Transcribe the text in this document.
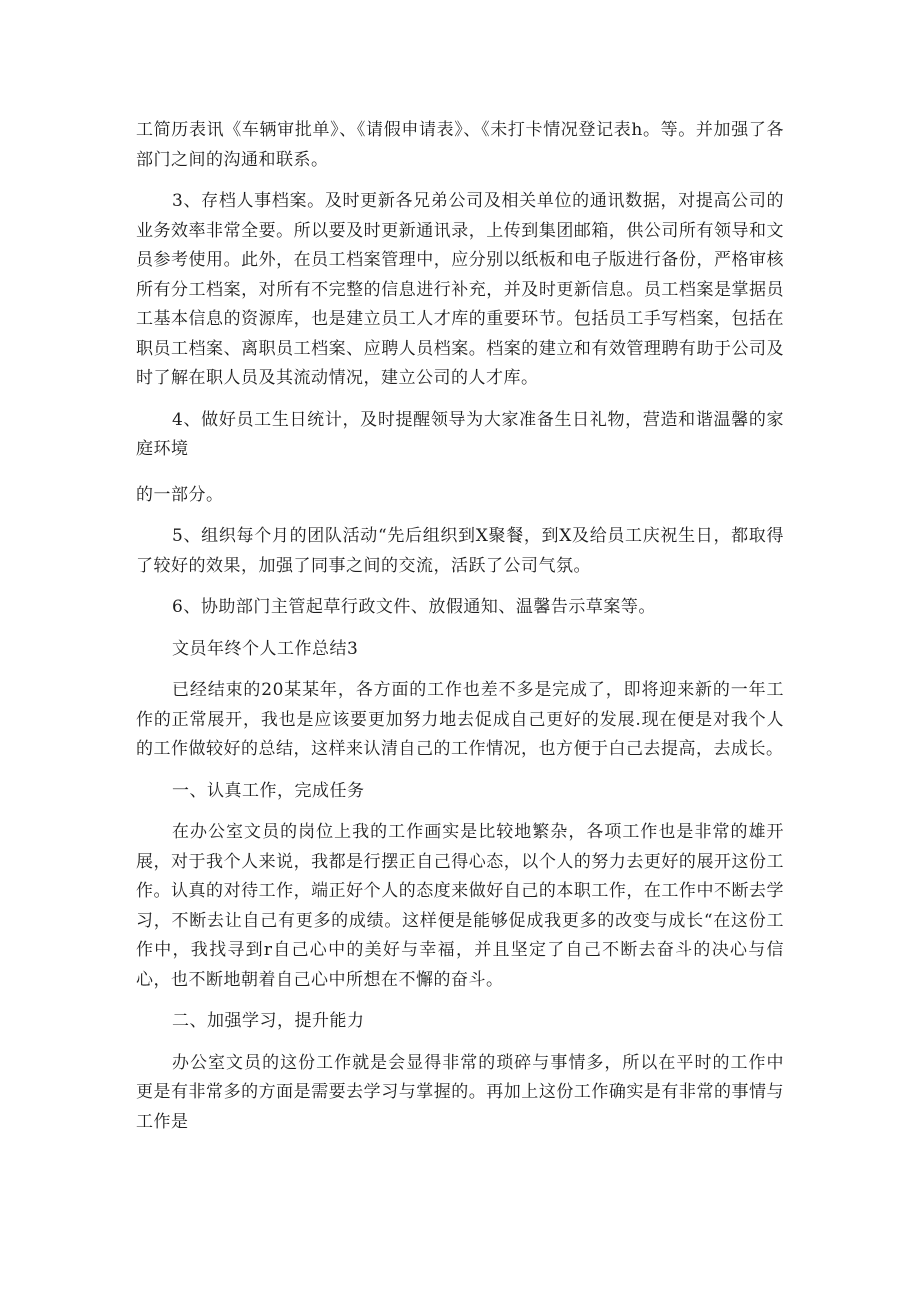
工简历表讯《车辆审批单》、《请假申请表》、《未打卡情况登记表h。等。并加强了各部门之间的沟通和联系。

3、存档人事档案。及时更新各兄弟公司及相关单位的通讯数据，对提高公司的业务效率非常全要。所以要及时更新通讯录，上传到集团邮箱，供公司所有领导和文员参考使用。此外，在员工档案管理中，应分别以纸板和电子版进行备份，严格审核所有分工档案，对所有不完整的信息进行补充，并及时更新信息。员工档案是掌据员工基本信息的资源库，也是建立员工人才库的重要环节。包括员工手写档案，包括在职员工档案、离职员工档案、应聘人员档案。档案的建立和有效管理聘有助于公司及时了解在职人员及其流动情况，建立公司的人才库。

4、做好员工生日统计，及时提醒领导为大家准备生日礼物，营造和谐温馨的家庭环境

的一部分。

5、组织每个月的团队活动“先后组织到X聚餐，到X及给员工庆祝生日，都取得了较好的效果，加强了同事之间的交流，活跃了公司气氛。

6、协助部门主管起草行政文件、放假通知、温馨告示草案等。

文员年终个人工作总结3

已经结束的20某某年，各方面的工作也差不多是完成了，即将迎来新的一年工作的正常展开，我也是应该要更加努力地去促成自己更好的发展.现在便是对我个人的工作做较好的总结，这样来认清自己的工作情况，也方便于白己去提高，去成长。

一、认真工作，完成任务

在办公室文员的岗位上我的工作画实是比较地繁杂，各项工作也是非常的雄开展，对于我个人来说，我都是行摆正自己得心态，以个人的努力去更好的展开这份工作。认真的对待工作，端正好个人的态度来做好自己的本职工作，在工作中不断去学习，不断去让自己有更多的成绩。这样便是能够促成我更多的改变与成长“在这份工作中，我找寻到r自己心中的美好与幸福，并且坚定了自己不断去奋斗的决心与信心，也不断地朝着自己心中所想在不懈的奋斗。

二、加强学习，提升能力

办公室文员的这份工作就是会显得非常的琐碎与事情多，所以在平时的工作中更是有非常多的方面是需要去学习与掌握的。再加上这份工作确实是有非常的事情与工作是
